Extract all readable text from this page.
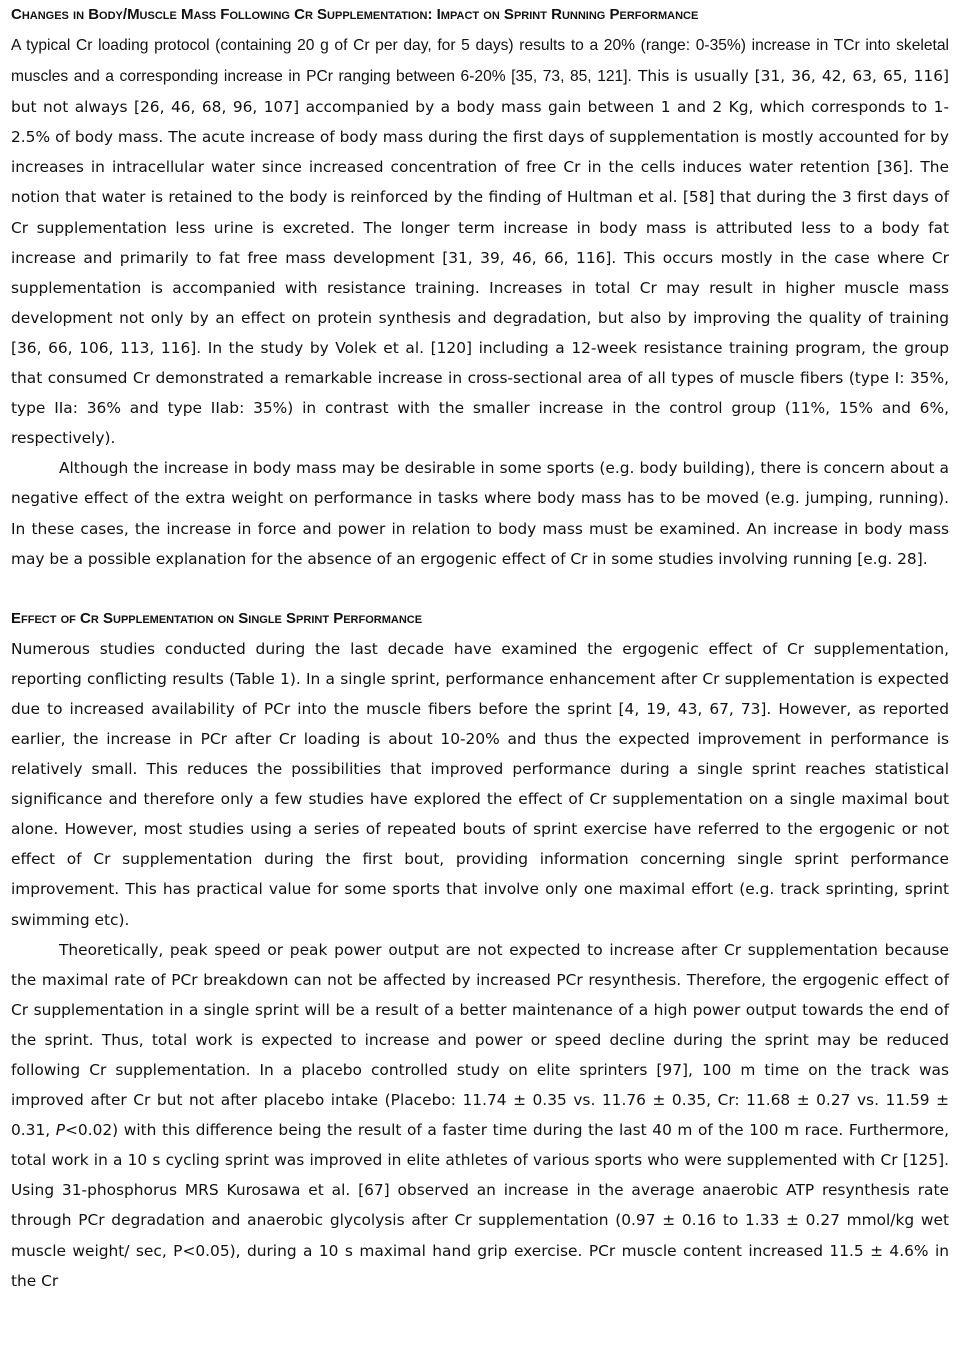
Changes in Body/Muscle Mass Following Cr Supplementation: Impact on Sprint Running Performance

A typical Cr loading protocol (containing 20 g of Cr per day, for 5 days) results to a 20% (range: 0-35%) increase in TCr into skeletal muscles and a corresponding increase in PCr ranging between 6-20% [35, 73, 85, 121]. This is usually [31, 36, 42, 63, 65, 116] but not always [26, 46, 68, 96, 107] accompanied by a body mass gain between 1 and 2 Kg, which corresponds to 1-2.5% of body mass. The acute increase of body mass during the first days of supplementation is mostly accounted for by increases in intracellular water since increased concentration of free Cr in the cells induces water retention [36]. The notion that water is retained to the body is reinforced by the finding of Hultman et al. [58] that during the 3 first days of Cr supplementation less urine is excreted. The longer term increase in body mass is attributed less to a body fat increase and primarily to fat free mass development [31, 39, 46, 66, 116]. This occurs mostly in the case where Cr supplementation is accompanied with resistance training. Increases in total Cr may result in higher muscle mass development not only by an effect on protein synthesis and degradation, but also by improving the quality of training [36, 66, 106, 113, 116]. In the study by Volek et al. [120] including a 12-week resistance training program, the group that consumed Cr demonstrated a remarkable increase in cross-sectional area of all types of muscle fibers (type I: 35%, type IIa: 36% and type IIab: 35%) in contrast with the smaller increase in the control group (11%, 15% and 6%, respectively).

Although the increase in body mass may be desirable in some sports (e.g. body building), there is concern about a negative effect of the extra weight on performance in tasks where body mass has to be moved (e.g. jumping, running). In these cases, the increase in force and power in relation to body mass must be examined. An increase in body mass may be a possible explanation for the absence of an ergogenic effect of Cr in some studies involving running [e.g. 28].

Effect of Cr Supplementation on Single Sprint Performance

Numerous studies conducted during the last decade have examined the ergogenic effect of Cr supplementation, reporting conflicting results (Table 1). In a single sprint, performance enhancement after Cr supplementation is expected due to increased availability of PCr into the muscle fibers before the sprint [4, 19, 43, 67, 73]. However, as reported earlier, the increase in PCr after Cr loading is about 10-20% and thus the expected improvement in performance is relatively small. This reduces the possibilities that improved performance during a single sprint reaches statistical significance and therefore only a few studies have explored the effect of Cr supplementation on a single maximal bout alone. However, most studies using a series of repeated bouts of sprint exercise have referred to the ergogenic or not effect of Cr supplementation during the first bout, providing information concerning single sprint performance improvement. This has practical value for some sports that involve only one maximal effort (e.g. track sprinting, sprint swimming etc).

Theoretically, peak speed or peak power output are not expected to increase after Cr supplementation because the maximal rate of PCr breakdown can not be affected by increased PCr resynthesis. Therefore, the ergogenic effect of Cr supplementation in a single sprint will be a result of a better maintenance of a high power output towards the end of the sprint. Thus, total work is expected to increase and power or speed decline during the sprint may be reduced following Cr supplementation. In a placebo controlled study on elite sprinters [97], 100 m time on the track was improved after Cr but not after placebo intake (Placebo: 11.74 ± 0.35 vs. 11.76 ± 0.35, Cr: 11.68 ± 0.27 vs. 11.59 ± 0.31, P<0.02) with this difference being the result of a faster time during the last 40 m of the 100 m race. Furthermore, total work in a 10 s cycling sprint was improved in elite athletes of various sports who were supplemented with Cr [125]. Using 31-phosphorus MRS Kurosawa et al. [67] observed an increase in the average anaerobic ATP resynthesis rate through PCr degradation and anaerobic glycolysis after Cr supplementation (0.97 ± 0.16 to 1.33 ± 0.27 mmol/kg wet muscle weight/ sec, P<0.05), during a 10 s maximal hand grip exercise. PCr muscle content increased 11.5 ± 4.6% in the Cr
